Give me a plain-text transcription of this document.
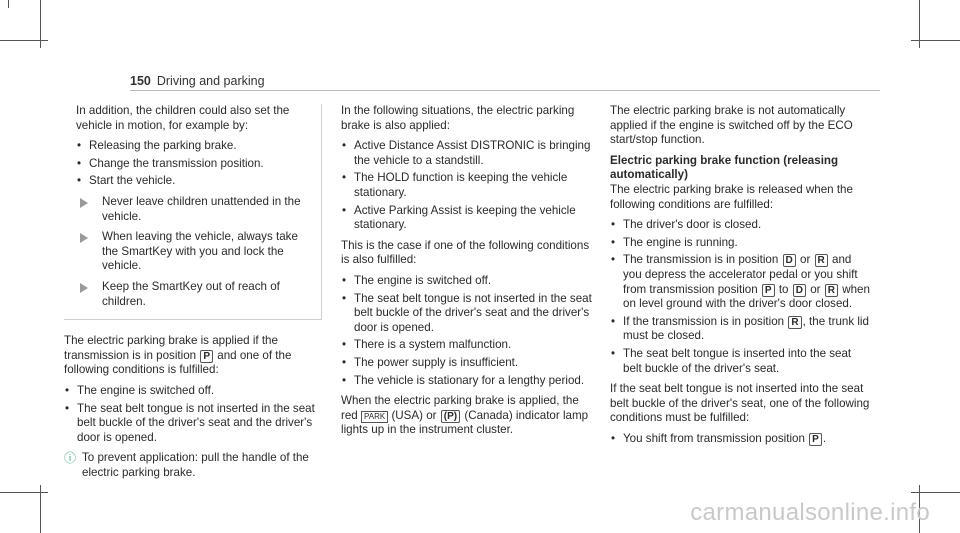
150 Driving and parking

In addition, the children could also set the vehicle in motion, for example by:

• Releasing the parking brake.
• Change the transmission position.
• Start the vehicle.

Never leave children unattended in the vehicle.

When leaving the vehicle, always take the SmartKey with you and lock the vehicle.

Keep the SmartKey out of reach of children.

The electric parking brake is applied if the transmission is in position P and one of the following conditions is fulfilled:

• The engine is switched off.
• The seat belt tongue is not inserted in the seat belt buckle of the driver's seat and the driver's door is opened.

ⓘ To prevent application: pull the handle of the electric parking brake.

In the following situations, the electric parking brake is also applied:

• Active Distance Assist DISTRONIC is bringing the vehicle to a standstill.
• The HOLD function is keeping the vehicle stationary.
• Active Parking Assist is keeping the vehicle stationary.

This is the case if one of the following conditions is also fulfilled:

• The engine is switched off.
• The seat belt tongue is not inserted in the seat belt buckle of the driver's seat and the driver's door is opened.
• There is a system malfunction.
• The power supply is insufficient.
• The vehicle is stationary for a lengthy period.

When the electric parking brake is applied, the red PARK (USA) or (P) (Canada) indicator lamp lights up in the instrument cluster.

The electric parking brake is not automatically applied if the engine is switched off by the ECO start/stop function.

Electric parking brake function (releasing automatically)

The electric parking brake is released when the following conditions are fulfilled:

• The driver's door is closed.
• The engine is running.
• The transmission is in position D or R and you depress the accelerator pedal or you shift from transmission position P to D or R when on level ground with the driver's door closed.
• If the transmission is in position R , the trunk lid must be closed.
• The seat belt tongue is inserted into the seat belt buckle of the driver's seat.

If the seat belt tongue is not inserted into the seat belt buckle of the driver's seat, one of the following conditions must be fulfilled:

• You shift from transmission position P .
carmanualsonline.info
